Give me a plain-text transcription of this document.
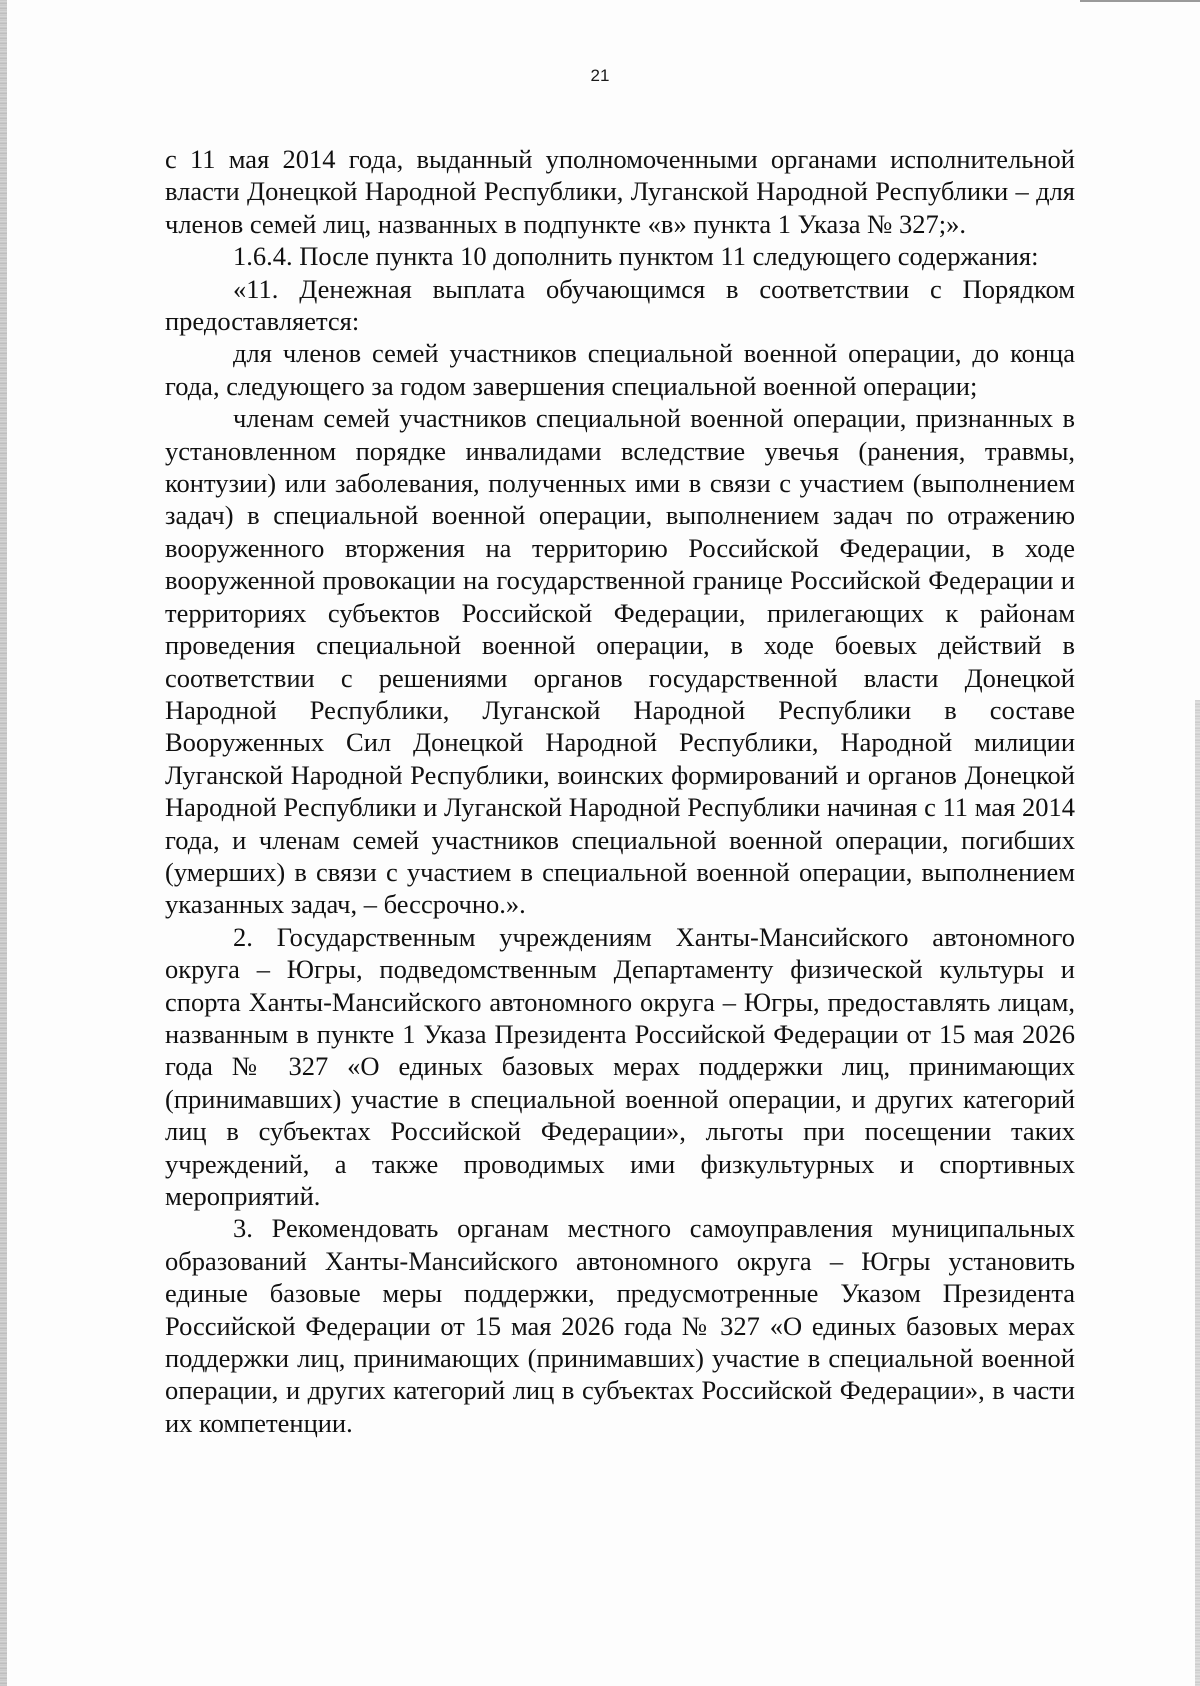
21

с 11 мая 2014 года, выданный уполномоченными органами исполнительной власти Донецкой Народной Республики, Луганской Народной Республики – для членов семей лиц, названных в подпункте «в» пункта 1 Указа № 327;».

1.6.4. После пункта 10 дополнить пунктом 11 следующего содержания:

«11. Денежная выплата обучающимся в соответствии с Порядком предоставляется:

для членов семей участников специальной военной операции, до конца года, следующего за годом завершения специальной военной операции;

членам семей участников специальной военной операции, признанных в установленном порядке инвалидами вследствие увечья (ранения, травмы, контузии) или заболевания, полученных ими в связи с участием (выполнением задач) в специальной военной операции, выполнением задач по отражению вооруженного вторжения на территорию Российской Федерации, в ходе вооруженной провокации на государственной границе Российской Федерации и территориях субъектов Российской Федерации, прилегающих к районам проведения специальной военной операции, в ходе боевых действий в соответствии с решениями органов государственной власти Донецкой Народной Республики, Луганской Народной Республики в составе Вооруженных Сил Донецкой Народной Республики, Народной милиции Луганской Народной Республики, воинских формирований и органов Донецкой Народной Республики и Луганской Народной Республики начиная с 11 мая 2014 года, и членам семей участников специальной военной операции, погибших (умерших) в связи с участием в специальной военной операции, выполнением указанных задач, – бессрочно.».

2. Государственным учреждениям Ханты-Мансийского автономного округа – Югры, подведомственным Департаменту физической культуры и спорта Ханты-Мансийского автономного округа – Югры, предоставлять лицам, названным в пункте 1 Указа Президента Российской Федерации от 15 мая 2026 года № 327 «О единых базовых мерах поддержки лиц, принимающих (принимавших) участие в специальной военной операции, и других категорий лиц в субъектах Российской Федерации», льготы при посещении таких учреждений, а также проводимых ими физкультурных и спортивных мероприятий.

3. Рекомендовать органам местного самоуправления муниципальных образований Ханты-Мансийского автономного округа – Югры установить единые базовые меры поддержки, предусмотренные Указом Президента Российской Федерации от 15 мая 2026 года № 327 «О единых базовых мерах поддержки лиц, принимающих (принимавших) участие в специальной военной операции, и других категорий лиц в субъектах Российской Федерации», в части их компетенции.
